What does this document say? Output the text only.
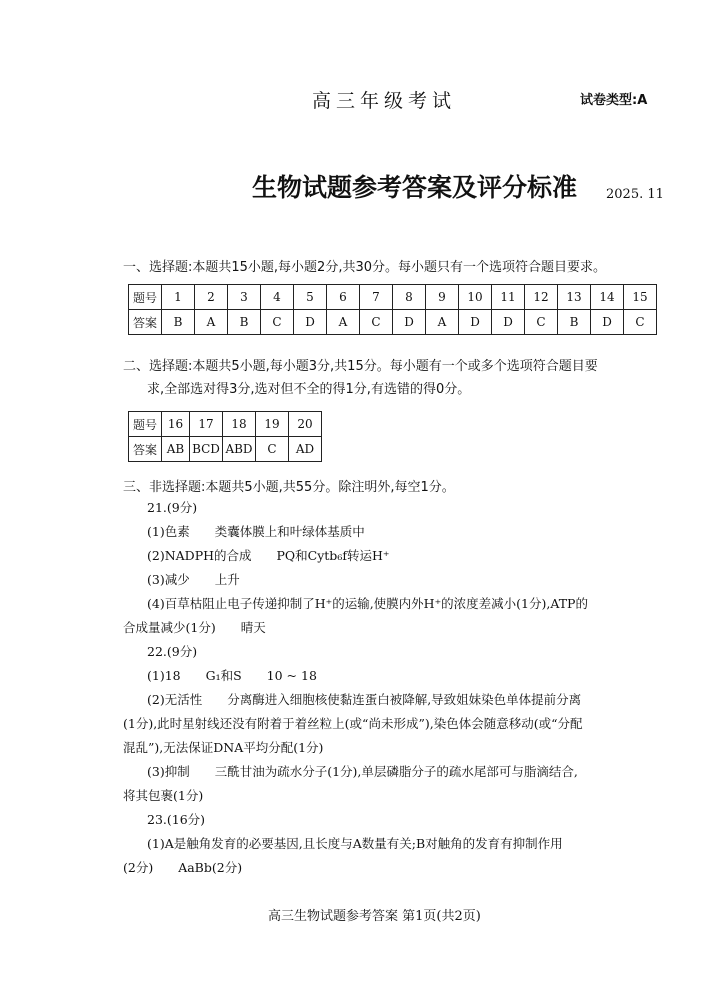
高三年级考试	试卷类型:A
生物试题参考答案及评分标准 2025. 11
一、选择题:本题共15小题,每小题2分,共30分。每小题只有一个选项符合题目要求。
题号	1	2	3	4	5	6	7	8	9	10	11	12	13	14	15
答案	B	A	B	C	D	A	C	D	A	D	D	C	B	D	C
二、选择题:本题共5小题,每小题3分,共15分。每小题有一个或多个选项符合题目要
求,全部选对得3分,选对但不全的得1分,有选错的得0分。
题号	16	17	18	19	20
答案	AB	BCD	ABD	C	AD
三、非选择题:本题共5小题,共55分。除注明外,每空1分。
21.(9分)
(1)色素　　类囊体膜上和叶绿体基质中
(2)NADPH的合成　　PQ和Cytb₆f转运H⁺
(3)减少　　上升
(4)百草枯阻止电子传递抑制了H⁺的运输,使膜内外H⁺的浓度差减小(1分),ATP的
合成量减少(1分)　　晴天
22.(9分)
(1)18　　G₁和S　　10 ~ 18
(2)无活性　　分离酶进入细胞核使黏连蛋白被降解,导致姐妹染色单体提前分离
(1分),此时星射线还没有附着于着丝粒上(或“尚未形成”),染色体会随意移动(或“分配
混乱”),无法保证DNA平均分配(1分)
(3)抑制　　三酰甘油为疏水分子(1分),单层磷脂分子的疏水尾部可与脂滴结合,
将其包裹(1分)
23.(16分)
(1)A是触角发育的必要基因,且长度与A数量有关;B对触角的发育有抑制作用
(2分)　　AaBb(2分)
高三生物试题参考答案 第1页(共2页)
